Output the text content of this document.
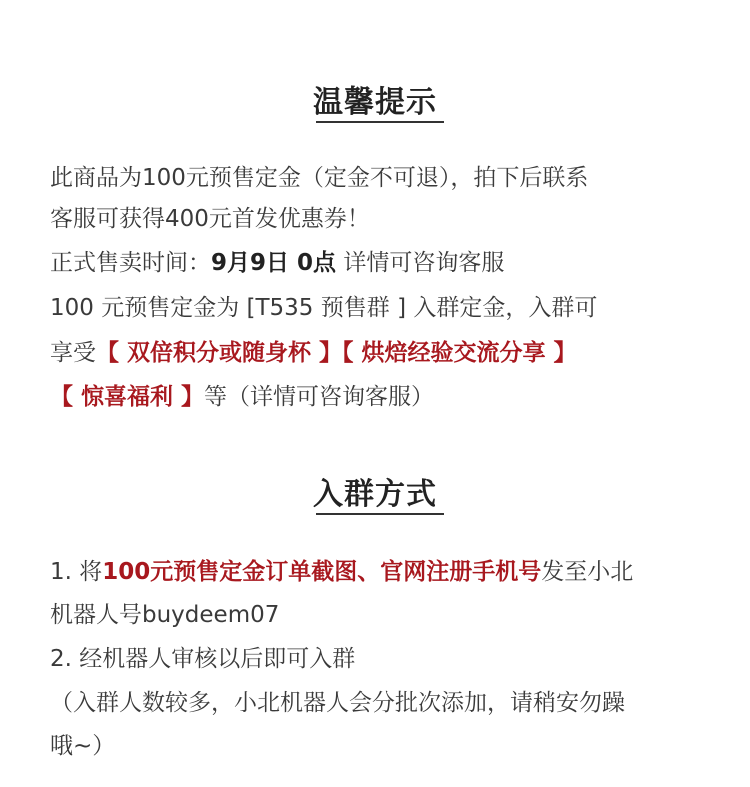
温馨提示
此商品为100元预售定金（定金不可退），拍下后联系
客服可获得400元首发优惠券！
正式售卖时间：9月9日 0点 详情可咨询客服
100 元预售定金为 [T535 预售群 ] 入群定金，入群可
享受【 双倍积分或随身杯 】【 烘焙经验交流分享 】
【 惊喜福利 】等（详情可咨询客服）
入群方式
1. 将100元预售定金订单截图、官网注册手机号发至小北
机器人号buydeem07
2. 经机器人审核以后即可入群
（入群人数较多，小北机器人会分批次添加，请稍安勿躁
哦~）
